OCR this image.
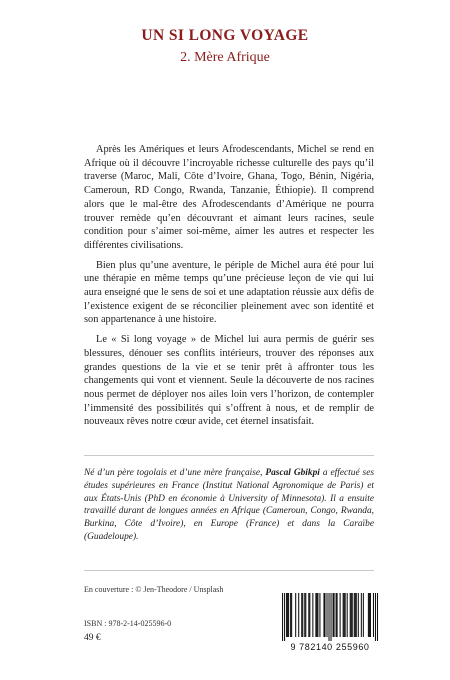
UN SI LONG VOYAGE
2. Mère Afrique

Après les Amériques et leurs Afrodescendants, Michel se rend en Afrique où il découvre l’incroyable richesse culturelle des pays qu’il traverse (Maroc, Mali, Côte d’Ivoire, Ghana, Togo, Bénin, Nigéria, Cameroun, RD Congo, Rwanda, Tanzanie, Éthiopie). Il comprend alors que le mal-être des Afrodescendants d’Amérique ne pourra trouver remède qu’en découvrant et aimant leurs racines, seule condition pour s’aimer soi-même, aimer les autres et respecter les différentes civilisations.

Bien plus qu’une aventure, le périple de Michel aura été pour lui une thérapie en même temps qu’une précieuse leçon de vie qui lui aura enseigné que le sens de soi et une adaptation réussie aux défis de l’existence exigent de se réconcilier pleinement avec son identité et son appartenance à une histoire.

Le « Si long voyage » de Michel lui aura permis de guérir ses blessures, dénouer ses conflits intérieurs, trouver des réponses aux grandes questions de la vie et se tenir prêt à affronter tous les changements qui vont et viennent. Seule la découverte de nos racines nous permet de déployer nos ailes loin vers l’horizon, de contempler l’immensité des possibilités qui s’offrent à nous, et de remplir de nouveaux rêves notre cœur avide, cet éternel insatisfait.

Né d’un père togolais et d’une mère française, Pascal Gbikpi a effectué ses études supérieures en France (Institut National Agronomique de Paris) et aux États-Unis (PhD en économie à University of Minnesota). Il a ensuite travaillé durant de longues années en Afrique (Cameroun, Congo, Rwanda, Burkina, Côte d’Ivoire), en Europe (France) et dans la Caraïbe (Guadeloupe).

En couverture : © Jen-Theodore / Unsplash
ISBN : 978-2-14-025596-0
49 €
9 782140 255960
